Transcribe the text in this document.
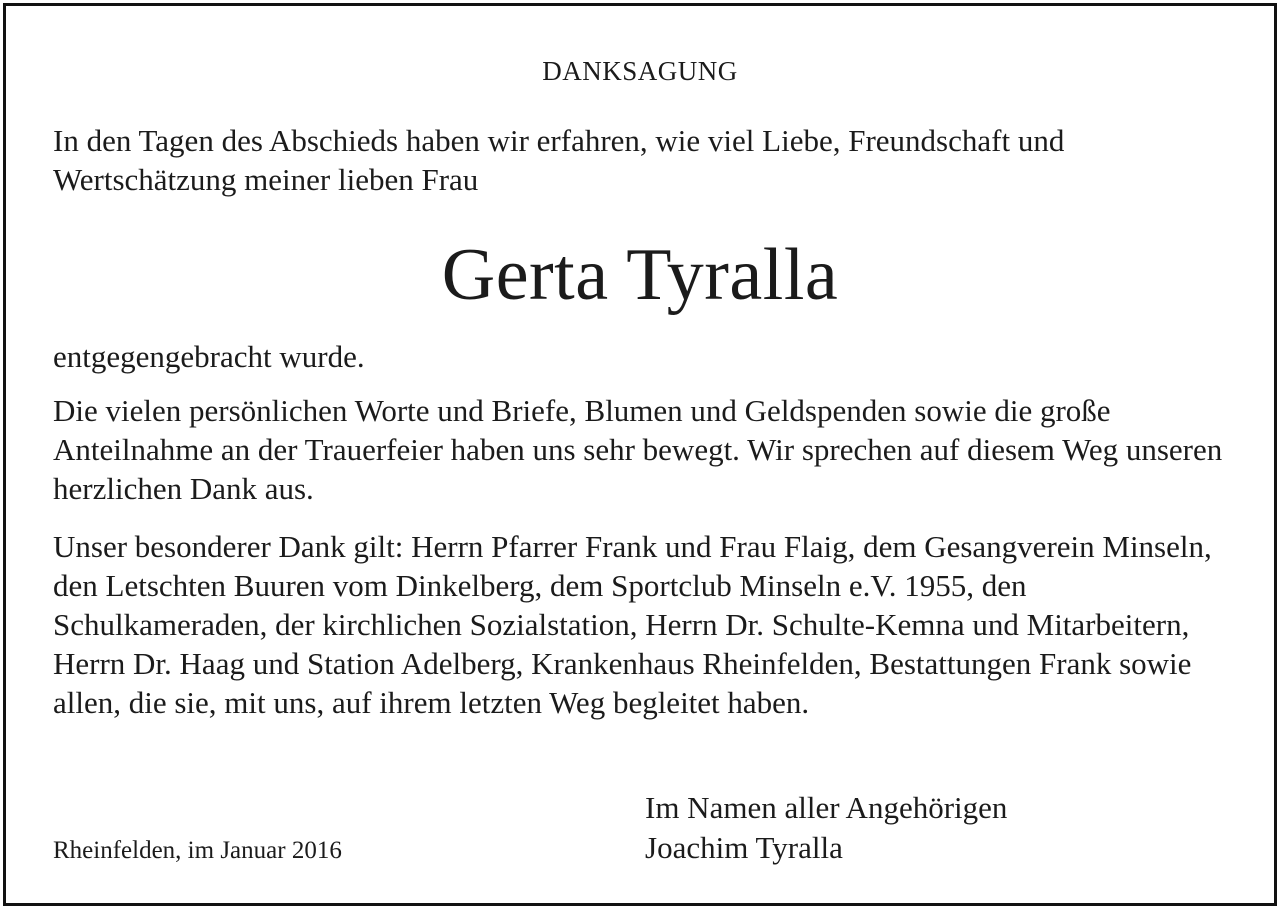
DANKSAGUNG
In den Tagen des Abschieds haben wir erfahren, wie viel Liebe, Freundschaft und Wertschätzung meiner lieben Frau
Gerta Tyralla
entgegengebracht wurde.
Die vielen persönlichen Worte und Briefe, Blumen und Geldspenden sowie die große Anteilnahme an der Trauerfeier haben uns sehr bewegt. Wir sprechen auf diesem Weg unseren herzlichen Dank aus.
Unser besonderer Dank gilt: Herrn Pfarrer Frank und Frau Flaig, dem Gesangverein Minseln, den Letschten Buuren vom Dinkelberg, dem Sportclub Minseln e.V. 1955, den Schulkameraden, der kirchlichen Sozialstation, Herrn Dr. Schulte-Kemna und Mitarbeitern, Herrn Dr. Haag und Station Adelberg, Krankenhaus Rheinfelden, Bestattungen Frank sowie allen, die sie, mit uns, auf ihrem letzten Weg begleitet haben.
Im Namen aller Angehörigen
Joachim Tyralla
Rheinfelden, im Januar 2016
